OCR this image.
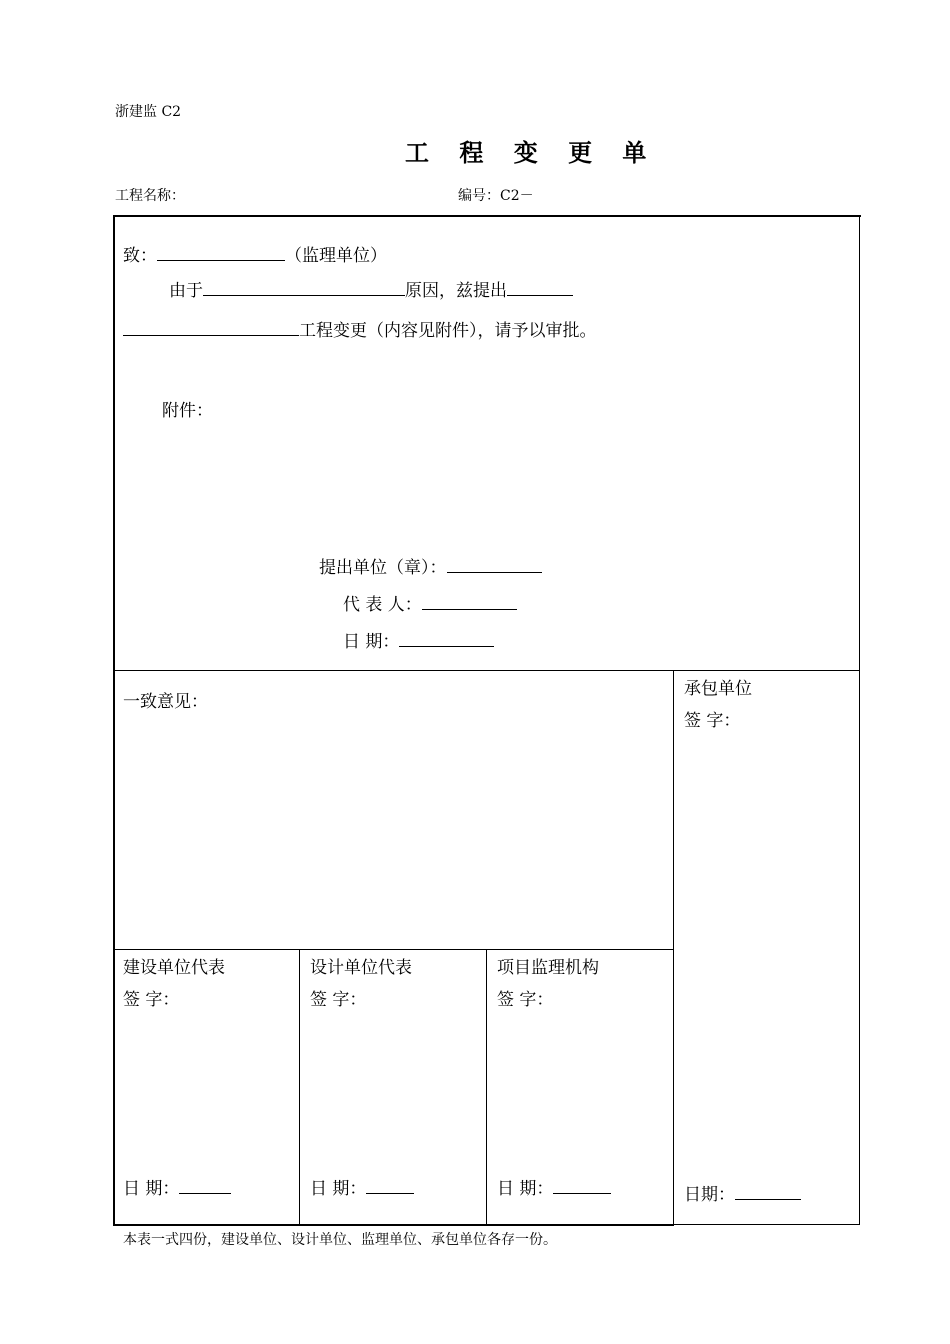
浙建监 C2
工 程 变 更 单
工程名称：	编号：C2－
致：	（监理单位）
由于	原因，兹提出
工程变更（内容见附件），请予以审批。
附件：
提出单位（章）：
代 表 人：
日 期：
一致意见：
承包单位
签 字：
日期：
建设单位代表
签 字：
日 期：
设计单位代表
签 字：
日 期：
项目监理机构
签 字：
日 期：
本表一式四份，建设单位、设计单位、监理单位、承包单位各存一份。
